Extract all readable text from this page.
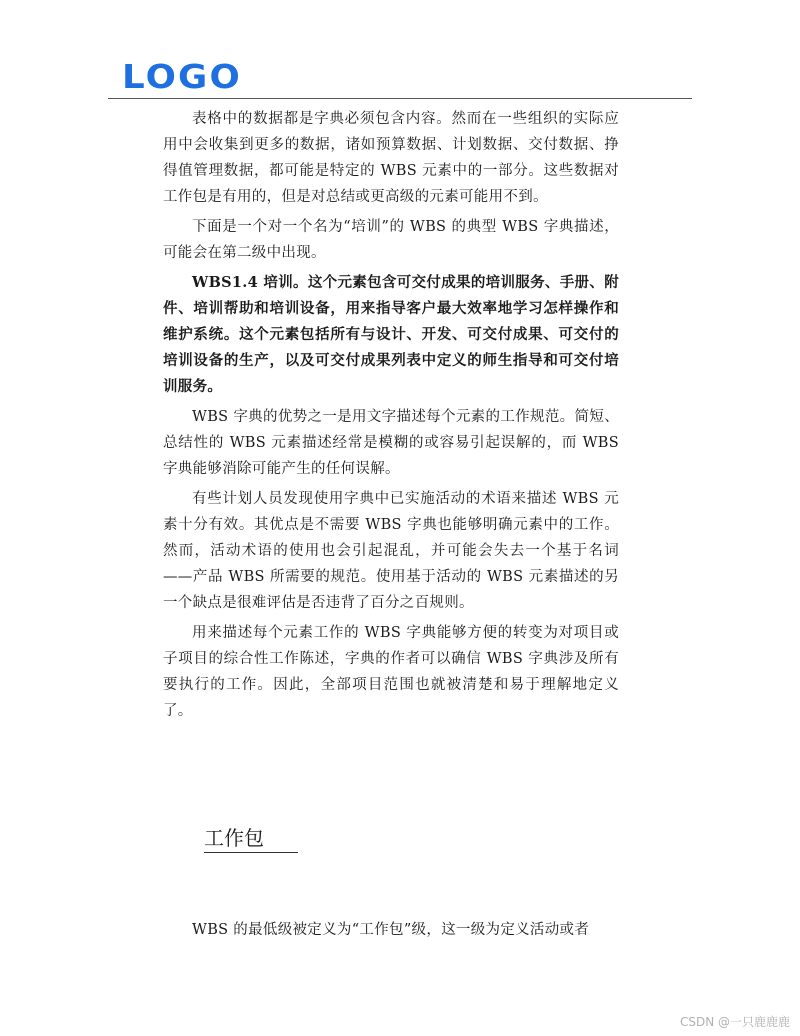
LOGO

表格中的数据都是字典必须包含内容。然而在一些组织的实际应用中会收集到更多的数据，诸如预算数据、计划数据、交付数据、挣得值管理数据，都可能是特定的 WBS 元素中的一部分。这些数据对工作包是有用的，但是对总结或更高级的元素可能用不到。

下面是一个对一个名为“培训”的 WBS 的典型 WBS 字典描述，可能会在第二级中出现。

WBS1.4 培训。这个元素包含可交付成果的培训服务、手册、附件、培训帮助和培训设备，用来指导客户最大效率地学习怎样操作和维护系统。这个元素包括所有与设计、开发、可交付成果、可交付的培训设备的生产，以及可交付成果列表中定义的师生指导和可交付培训服务。

WBS 字典的优势之一是用文字描述每个元素的工作规范。简短、总结性的 WBS 元素描述经常是模糊的或容易引起误解的，而 WBS 字典能够消除可能产生的任何误解。

有些计划人员发现使用字典中已实施活动的术语来描述 WBS 元素十分有效。其优点是不需要 WBS 字典也能够明确元素中的工作。然而，活动术语的使用也会引起混乱，并可能会失去一个基于名词——产品 WBS 所需要的规范。使用基于活动的 WBS 元素描述的另一个缺点是很难评估是否违背了百分之百规则。

用来描述每个元素工作的 WBS 字典能够方便的转变为对项目或子项目的综合性工作陈述，字典的作者可以确信 WBS 字典涉及所有要执行的工作。因此，全部项目范围也就被清楚和易于理解地定义了。

工作包
WBS 的最低级被定义为“工作包”级，这一级为定义活动或者
CSDN @一只鹿鹿鹿
